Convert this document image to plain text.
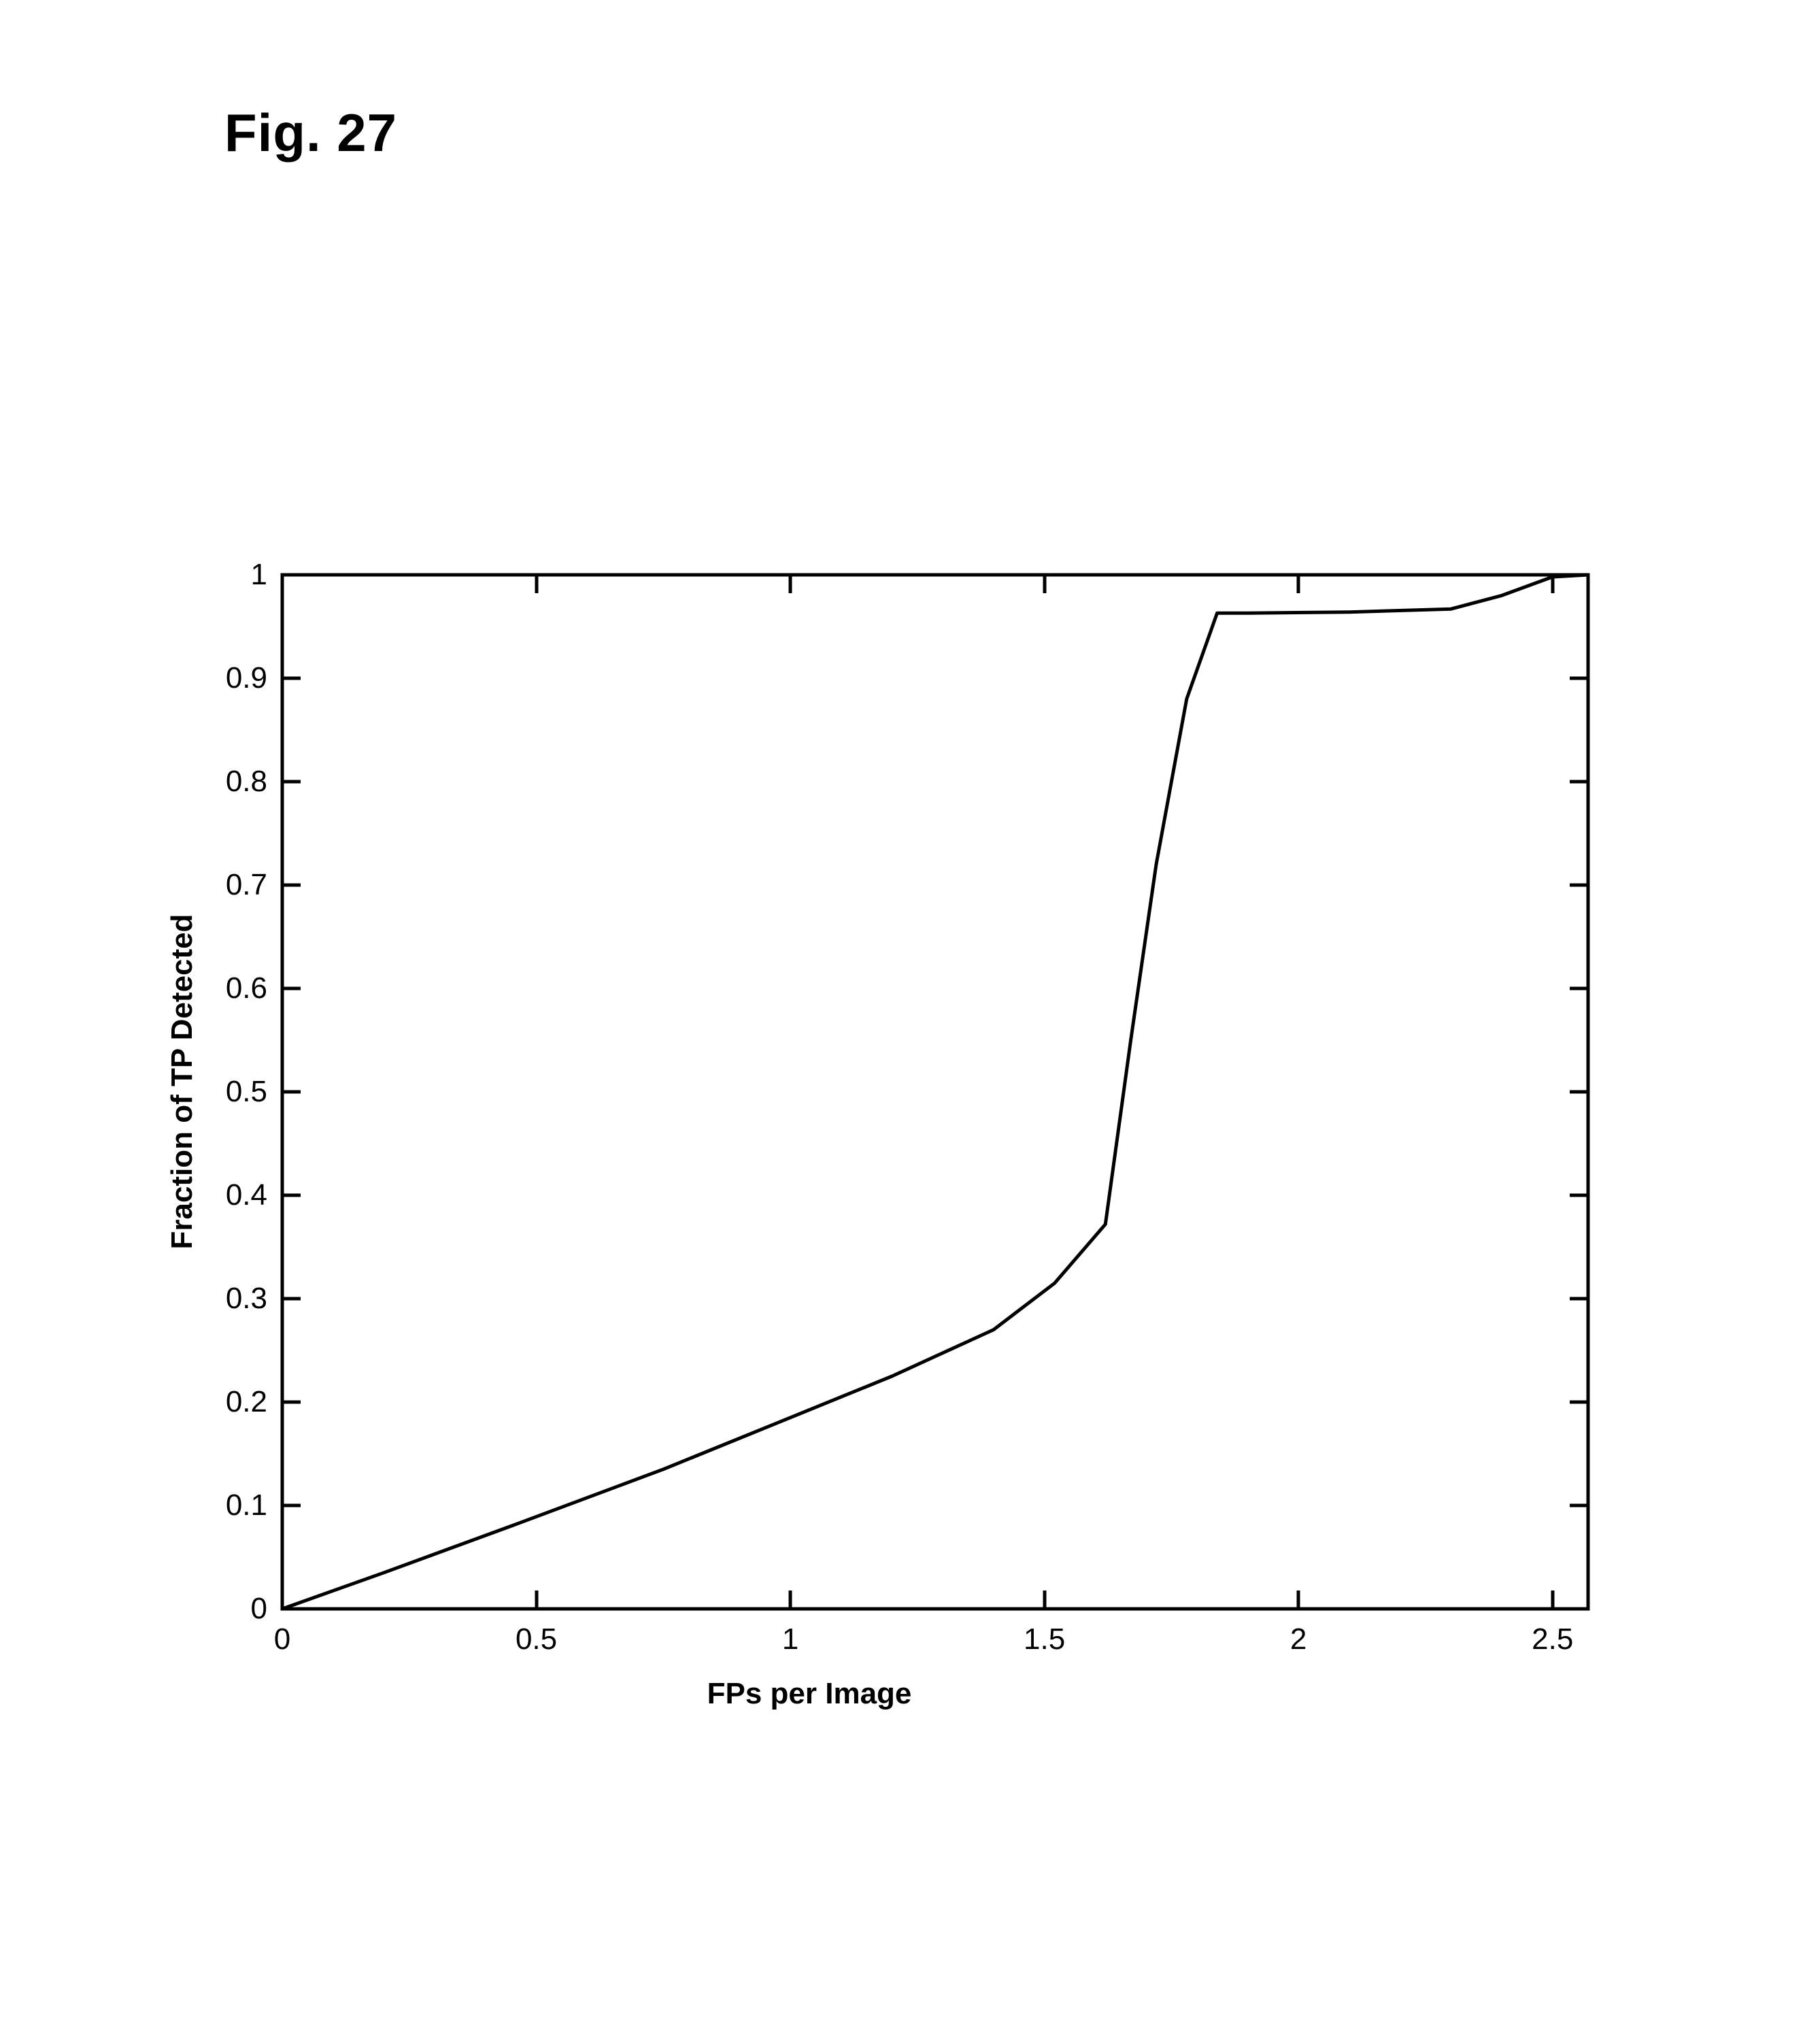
Fig. 27
FPs per Image
Fraction of TP Detected
0	0.5	1	1.5	2	2.5
0
0.1
0.2
0.3
0.4
0.5
0.6
0.7
0.8
0.9
1
